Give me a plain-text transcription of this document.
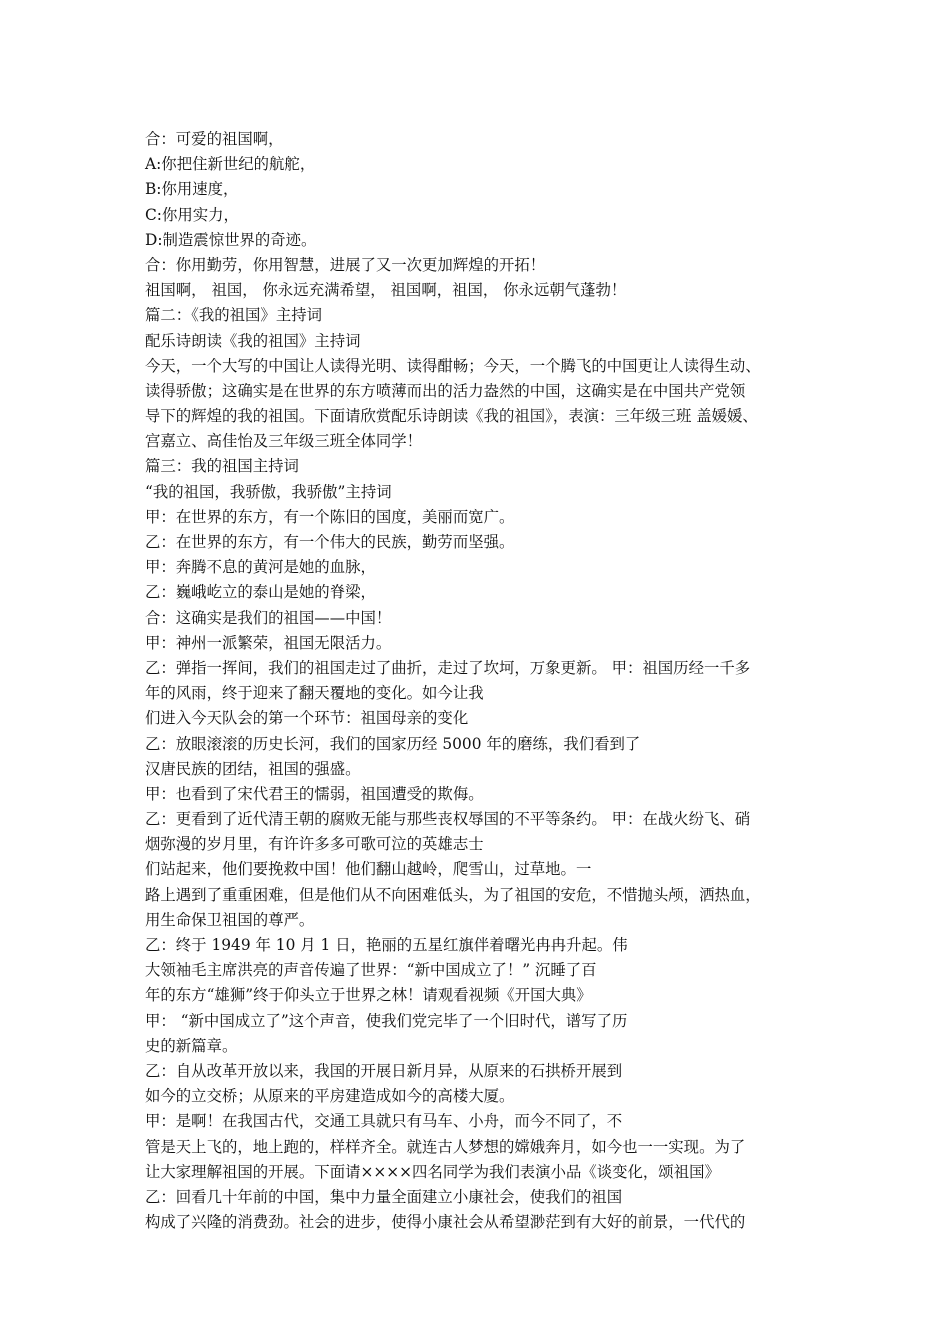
合：可爱的祖国啊，
A:你把住新世纪的航舵，
B:你用速度，
C:你用实力，
D:制造震惊世界的奇迹。
合：你用勤劳，你用智慧，进展了又一次更加辉煌的开拓！
祖国啊， 祖国， 你永远充满希望， 祖国啊，祖国， 你永远朝气蓬勃！
篇二：《我的祖国》主持词
配乐诗朗读《我的祖国》主持词
今天，一个大写的中国让人读得光明、读得酣畅；今天，一个腾飞的中国更让人读得生动、
读得骄傲；这确实是在世界的东方喷薄而出的活力盎然的中国，这确实是在中国共产党领
导下的辉煌的我的祖国。下面请欣赏配乐诗朗读《我的祖国》，表演：三年级三班 盖媛媛、
宫嘉立、高佳怡及三年级三班全体同学！
篇三：我的祖国主持词
“我的祖国，我骄傲，我骄傲”主持词
甲：在世界的东方，有一个陈旧的国度，美丽而宽广。
乙：在世界的东方，有一个伟大的民族，勤劳而坚强。
甲：奔腾不息的黄河是她的血脉，
乙：巍峨屹立的泰山是她的脊梁，
合：这确实是我们的祖国——中国！
甲：神州一派繁荣，祖国无限活力。
乙：弹指一挥间，我们的祖国走过了曲折，走过了坎坷，万象更新。 甲：祖国历经一千多
年的风雨，终于迎来了翻天覆地的变化。如今让我
们进入今天队会的第一个环节：祖国母亲的变化
乙：放眼滚滚的历史长河，我们的国家历经 5000 年的磨练，我们看到了
汉唐民族的团结，祖国的强盛。
甲：也看到了宋代君王的懦弱，祖国遭受的欺侮。
乙：更看到了近代清王朝的腐败无能与那些丧权辱国的不平等条约。 甲：在战火纷飞、硝
烟弥漫的岁月里，有许许多多可歌可泣的英雄志士
们站起来，他们要挽救中国！他们翻山越岭，爬雪山，过草地。一
路上遇到了重重困难，但是他们从不向困难低头，为了祖国的安危，不惜抛头颅，洒热血，
用生命保卫祖国的尊严。
乙：终于 1949 年 10 月 1 日，艳丽的五星红旗伴着曙光冉冉升起。伟
大领袖毛主席洪亮的声音传遍了世界：“新中国成立了！” 沉睡了百
年的东方“雄狮”终于仰头立于世界之林！请观看视频《开国大典》
甲： “新中国成立了”这个声音，使我们党完毕了一个旧时代，谱写了历
史的新篇章。
乙：自从改革开放以来，我国的开展日新月异，从原来的石拱桥开展到
如今的立交桥；从原来的平房建造成如今的高楼大厦。
甲：是啊！在我国古代，交通工具就只有马车、小舟，而今不同了，不
管是天上飞的，地上跑的，样样齐全。就连古人梦想的嫦娥奔月，如今也一一实现。为了
让大家理解祖国的开展。下面请××××四名同学为我们表演小品《谈变化，颂祖国》
乙：回看几十年前的中国，集中力量全面建立小康社会，使我们的祖国
构成了兴隆的消费劲。社会的进步，使得小康社会从希望渺茫到有大好的前景，一代代的
